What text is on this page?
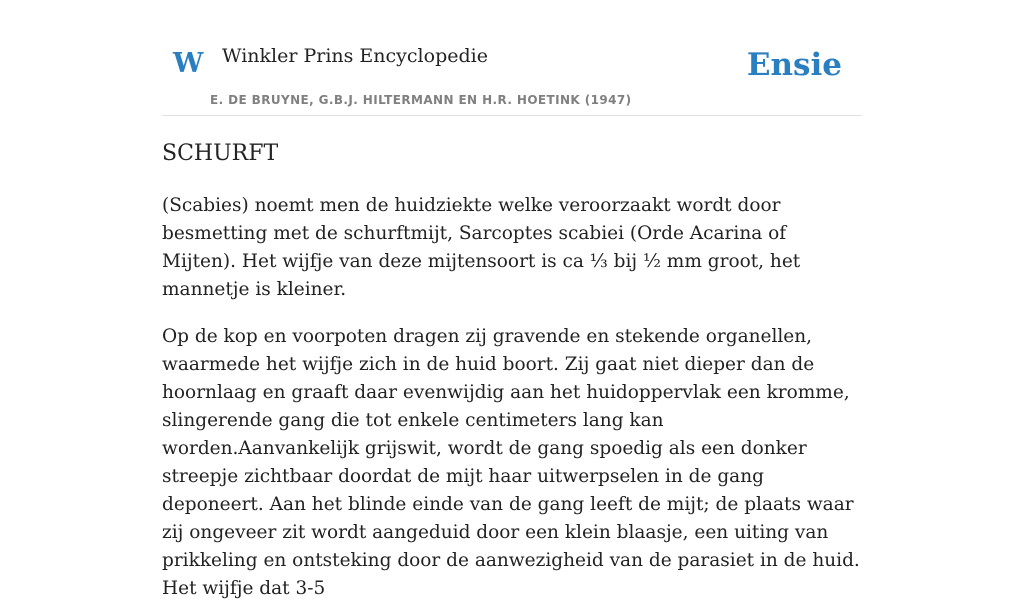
W Winkler Prins Encyclopedie
E. DE BRUYNE, G.B.J. HILTERMANN EN H.R. HOETINK (1947)
Ensie
SCHURFT

(Scabies) noemt men de huidziekte welke veroorzaakt wordt door besmetting met de schurftmijt, Sarcoptes scabiei (Orde Acarina of Mijten). Het wijfje van deze mijtensoort is ca ⅓ bij ½ mm groot, het mannetje is kleiner.

Op de kop en voorpoten dragen zij gravende en stekende organellen, waarmede het wijfje zich in de huid boort. Zij gaat niet dieper dan de hoornlaag en graaft daar evenwijdig aan het huidoppervlak een kromme, slingerende gang die tot enkele centimeters lang kan worden.Aanvankelijk grijswit, wordt de gang spoedig als een donker streepje zichtbaar doordat de mijt haar uitwerpselen in de gang deponeert. Aan het blinde einde van de gang leeft de mijt; de plaats waar zij ongeveer zit wordt aangeduid door een klein blaasje, een uiting van prikkeling en ontsteking door de aanwezigheid van de parasiet in de huid. Het wijfje dat 3-5
